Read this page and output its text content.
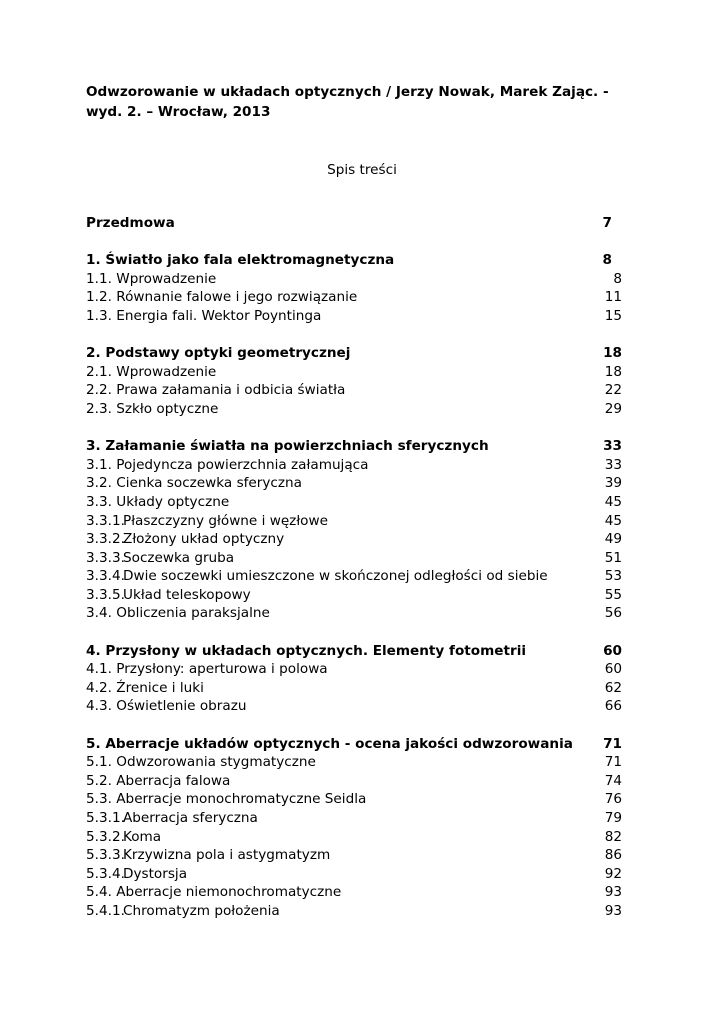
Odwzorowanie w układach optycznych / Jerzy Nowak, Marek Zając. - wyd. 2. – Wrocław, 2013

Spis treści

Przedmowa	7
1. Światło jako fala elektromagnetyczna	8
1.1. Wprowadzenie	8
1.2. Równanie falowe i jego rozwiązanie	11
1.3. Energia fali. Wektor Poyntinga	15
2. Podstawy optyki geometrycznej	18
2.1. Wprowadzenie	18
2.2. Prawa załamania i odbicia światła	22
2.3. Szkło optyczne	29
3. Załamanie światła na powierzchniach sferycznych	33
3.1. Pojedyncza powierzchnia załamująca	33
3.2. Cienka soczewka sferyczna	39
3.3. Układy optyczne	45
3.3.1.Płaszczyzny główne i węzłowe	45
3.3.2.Złożony układ optyczny	49
3.3.3.Soczewka gruba	51
3.3.4.Dwie soczewki umieszczone w skończonej odległości od siebie	53
3.3.5.Układ teleskopowy	55
3.4. Obliczenia paraksjalne	56
4. Przysłony w układach optycznych. Elementy fotometrii	60
4.1. Przysłony: aperturowa i polowa	60
4.2. Źrenice i luki	62
4.3. Oświetlenie obrazu	66
5. Aberracje układów optycznych - ocena jakości odwzorowania 71
5.1. Odwzorowania stygmatyczne	71
5.2. Aberracja falowa	74
5.3. Aberracje monochromatyczne Seidla	76
5.3.1.Aberracja sferyczna	79
5.3.2.Koma	82
5.3.3.Krzywizna pola i astygmatyzm	86
5.3.4.Dystorsja	92
5.4. Aberracje niemonochromatyczne	93
5.4.1.Chromatyzm położenia	93
